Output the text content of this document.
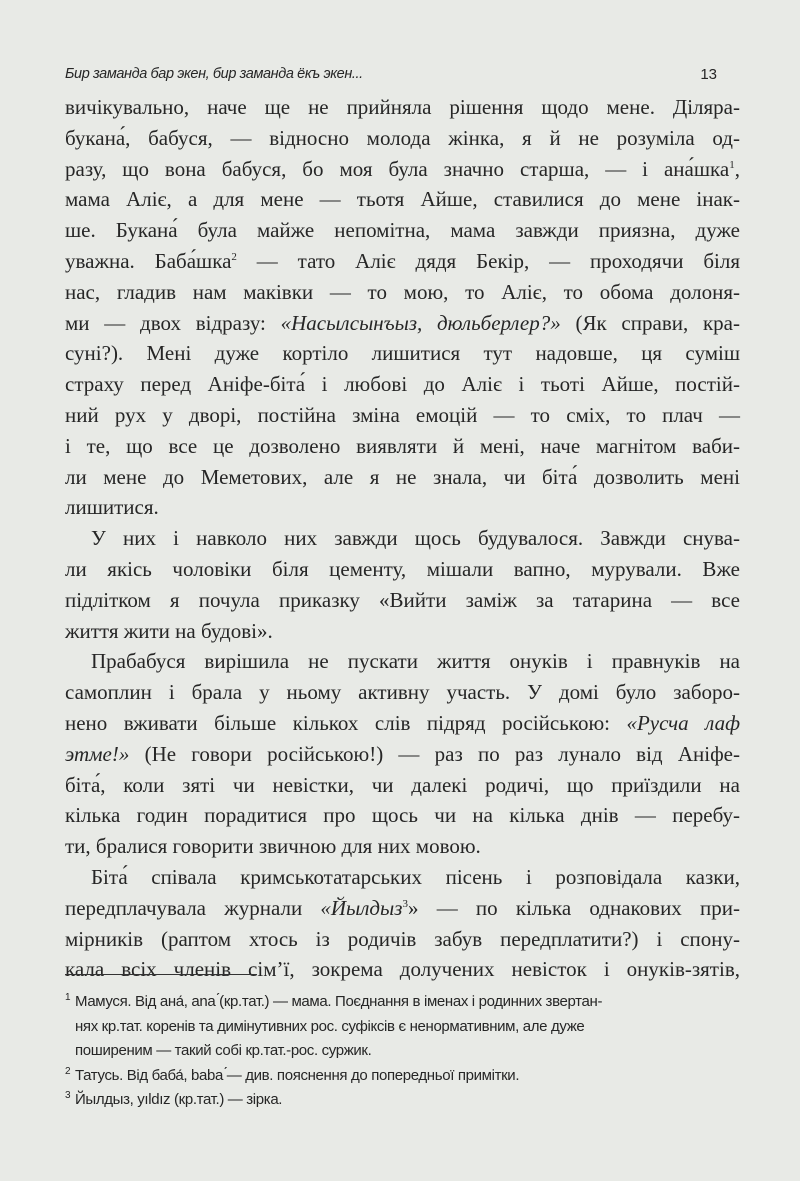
Бир заманда бар экен, бир заманда ёкъ экен...	13
вичікувально, наче ще не прийняла рішення щодо мене. Діляра-
букана́, бабуся, — відносно молода жінка, я й не розуміла од-
разу, що вона бабуся, бо моя була значно старша, — і ана́шка$^1$,
мама Аліє, а для мене — тьотя Айше, ставилися до мене інак-
ше. Букана́ була майже непомітна, мама завжди приязна, дуже
уважна. Баба́шка$^2$ — тато Аліє дядя Бекір, — проходячи біля
нас, гладив нам маківки — то мою, то Аліє, то обома долоня-
ми — двох відразу: «Насылсынъыз, дюльберлер?» (Як справи, кра-
суні?). Мені дуже кортіло лишитися тут надовше, ця суміш
страху перед Аніфе-біта́ і любові до Аліє і тьоті Айше, постій-
ний рух у дворі, постійна зміна емоцій — то сміх, то плач —
і те, що все це дозволено виявляти й мені, наче магнітом ваби-
ли мене до Меметових, але я не знала, чи біта́ дозволить мені
лишитися.
У них і навколо них завжди щось будувалося. Завжди снува-
ли якісь чоловіки біля цементу, мішали вапно, мурували. Вже
підлітком я почула приказку «Вийти заміж за татарина — все
життя жити на будові».
Прабабуся вирішила не пускати життя онуків і правнуків на
самоплин і брала у ньому активну участь. У домі було заборо-
нено вживати більше кількох слів підряд російською: «Русча лаф
этме!» (Не говори російською!) — раз по раз лунало від Аніфе-
біта́, коли зяті чи невістки, чи далекі родичі, що приїздили на
кілька годин порадитися про щось чи на кілька днів — перебу-
ти, бралися говорити звичною для них мовою.
Біта́ співала кримськотатарських пісень і розповідала казки,
передплачувала журнали «Йылдыз$^3$» — по кілька однакових при-
мірників (раптом хтось із родичів забув передплатити?) і спону-
кала всіх членів сім’ї, зокрема долучених невісток і онуків-зятів,
1 Мамуся. Від ана́, ana ́(кр.тат.) — мама. Поєднання в іменах і родинних звертан-
нях кр.тат. коренів та димінутивних рос. суфіксів є ненормативним, але дуже
поширеним — такий собі кр.тат.-рос. суржик.
2 Татусь. Від баба́, baba ́— див. пояснення до попередньої примітки.
3 Йылдыз, yıldız (кр.тат.) — зірка.
